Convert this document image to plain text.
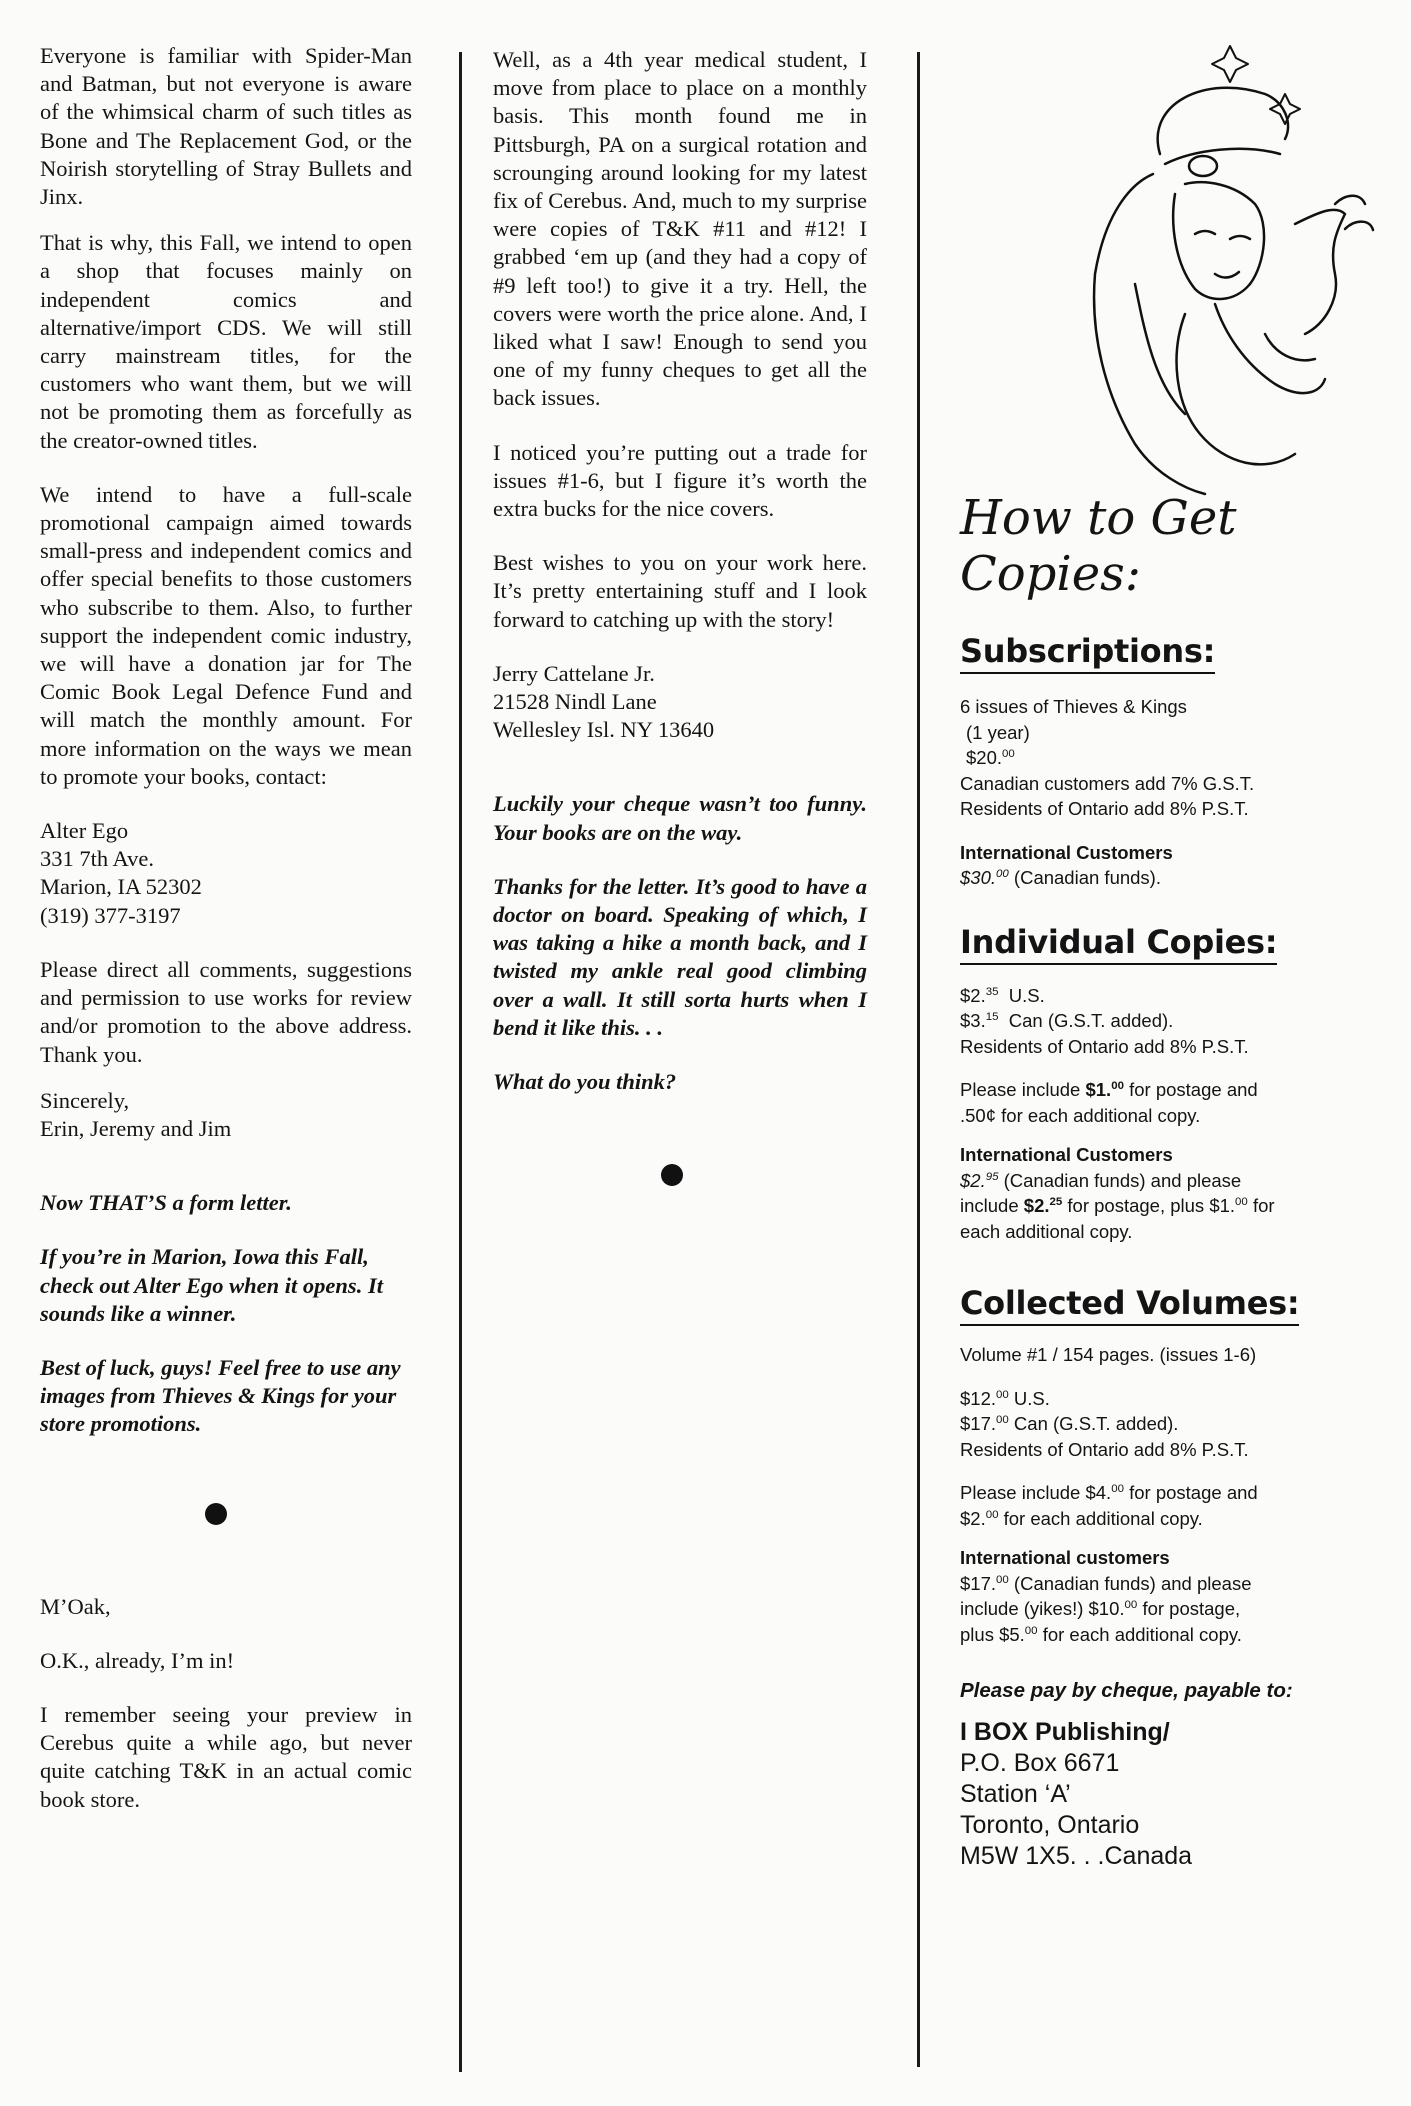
Everyone is familiar with Spider-Man and Batman, but not everyone is aware of the whimsical charm of such titles as Bone and The Replacement God, or the Noirish storytelling of Stray Bullets and Jinx.

That is why, this Fall, we intend to open a shop that focuses mainly on independent comics and alternative/import CDS. We will still carry mainstream titles, for the customers who want them, but we will not be promoting them as forcefully as the creator-owned titles.

We intend to have a full-scale promotional campaign aimed towards small-press and independent comics and offer special benefits to those customers who subscribe to them. Also, to further support the independent comic industry, we will have a donation jar for The Comic Book Legal Defence Fund and will match the monthly amount. For more information on the ways we mean to promote your books, contact:

Alter Ego
331 7th Ave.
Marion, IA 52302
(319) 377-3197

Please direct all comments, suggestions and permission to use works for review and/or promotion to the above address. Thank you.

Sincerely,

Erin, Jeremy and Jim

Now THAT’S a form letter.

If you’re in Marion, Iowa this Fall, check out Alter Ego when it opens. It sounds like a winner.

Best of luck, guys! Feel free to use any images from Thieves & Kings for your store promotions.

M’Oak,

O.K., already, I’m in!

I remember seeing your preview in Cerebus quite a while ago, but never quite catching T&K in an actual comic book store.

Well, as a 4th year medical student, I move from place to place on a monthly basis. This month found me in Pittsburgh, PA on a surgical rotation and scrounging around looking for my latest fix of Cerebus. And, much to my surprise were copies of T&K #11 and #12! I grabbed ‘em up (and they had a copy of #9 left too!) to give it a try. Hell, the covers were worth the price alone. And, I liked what I saw! Enough to send you one of my funny cheques to get all the back issues.

I noticed you’re putting out a trade for issues #1-6, but I figure it’s worth the extra bucks for the nice covers.

Best wishes to you on your work here. It’s pretty entertaining stuff and I look forward to catching up with the story!

Jerry Cattelane Jr.
21528 Nindl Lane
Wellesley Isl. NY 13640

Luckily your cheque wasn’t too funny. Your books are on the way.

Thanks for the letter. It’s good to have a doctor on board. Speaking of which, I was taking a hike a month back, and I twisted my ankle real good climbing over a wall. It still sorta hurts when I bend it like this. . .

What do you think?

How to Get Copies:
Subscriptions:
6 issues of Thieves & Kings
(1 year)
$20.00
Canadian customers add 7% G.S.T.
Residents of Ontario add 8% P.S.T.
International Customers
$30.00 (Canadian funds).
Individual Copies:
$2.35 U.S.
$3.15 Can (G.S.T. added).
Residents of Ontario add 8% P.S.T.
Please include $1.00 for postage and
.50¢ for each additional copy.
International Customers
$2.95 (Canadian funds) and please
include $2.25 for postage, plus $1.00 for
each additional copy.
Collected Volumes:
Volume #1 / 154 pages. (issues 1-6)
$12.00 U.S.
$17.00 Can (G.S.T. added).
Residents of Ontario add 8% P.S.T.
Please include $4.00 for postage and
$2.00 for each additional copy.
International customers
$17.00 (Canadian funds) and please
include (yikes!) $10.00 for postage,
plus $5.00 for each additional copy.
Please pay by cheque, payable to:
I BOX Publishing/
P.O. Box 6671
Station ‘A’
Toronto, Ontario
M5W 1X5. . .Canada
